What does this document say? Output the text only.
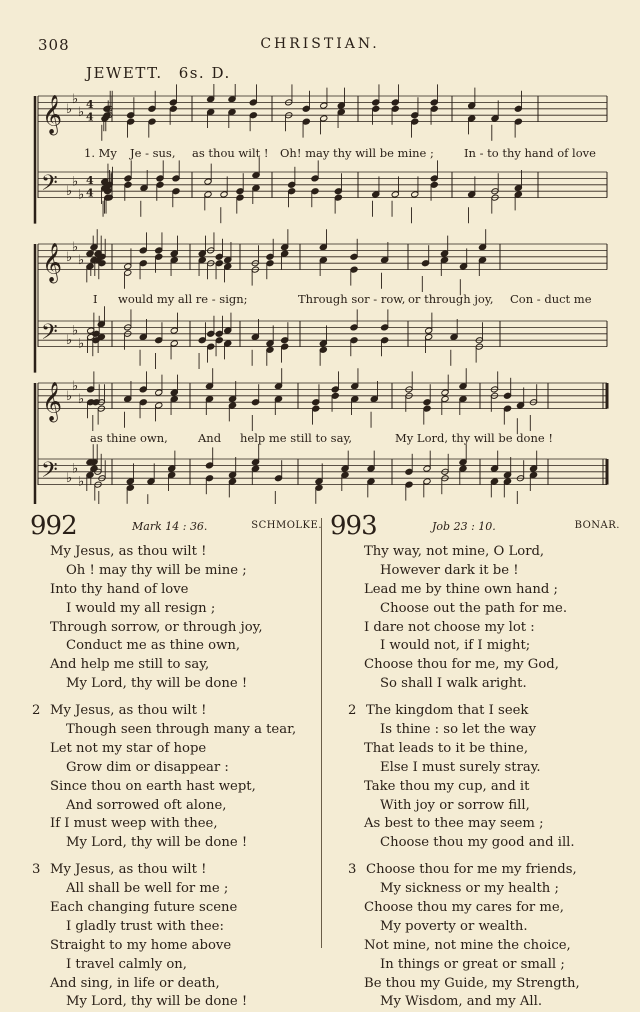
308	CHRISTIAN.
JEWETT. 6s. D.
𝄞 ♭
♭
♭
4
4
𝄢 ♭
♭
♭
4
4
𝄞 ♭
♭
♭
𝄢 ♭
♭
♭
𝄞 ♭
♭
♭
𝄢 ♭
♭
♭
1. My Je - sus, as thou wilt ! Oh! may thy will be mine ;	In - to thy hand of love
I would my all re - sign;	Through sor - row, or through joy, Con - duct me
as thine own,	And help me still to say,	My Lord, thy will be done !
992	Mark 14 : 36.	SCHMOLKE.
My Jesus, as thou wilt !
Oh ! may thy will be mine ;
Into thy hand of love
I would my all resign ;
Through sorrow, or through joy,
Conduct me as thine own,
And help me still to say,
My Lord, thy will be done !
2 My Jesus, as thou wilt !
Though seen through many a tear,
Let not my star of hope
Grow dim or disappear :
Since thou on earth hast wept,
And sorrowed oft alone,
If I must weep with thee,
My Lord, thy will be done !
3 My Jesus, as thou wilt !
All shall be well for me ;
Each changing future scene
I gladly trust with thee:
Straight to my home above
I travel calmly on,
And sing, in life or death,
My Lord, thy will be done !
993	Job 23 : 10.	BONAR.
Thy way, not mine, O Lord,
However dark it be !
Lead me by thine own hand ;
Choose out the path for me.
I dare not choose my lot :
I would not, if I might;
Choose thou for me, my God,
So shall I walk aright.
2 The kingdom that I seek
Is thine : so let the way
That leads to it be thine,
Else I must surely stray.
Take thou my cup, and it
With joy or sorrow fill,
As best to thee may seem ;
Choose thou my good and ill.
3 Choose thou for me my friends,
My sickness or my health ;
Choose thou my cares for me,
My poverty or wealth.
Not mine, not mine the choice,
In things or great or small ;
Be thou my Guide, my Strength,
My Wisdom, and my All.
